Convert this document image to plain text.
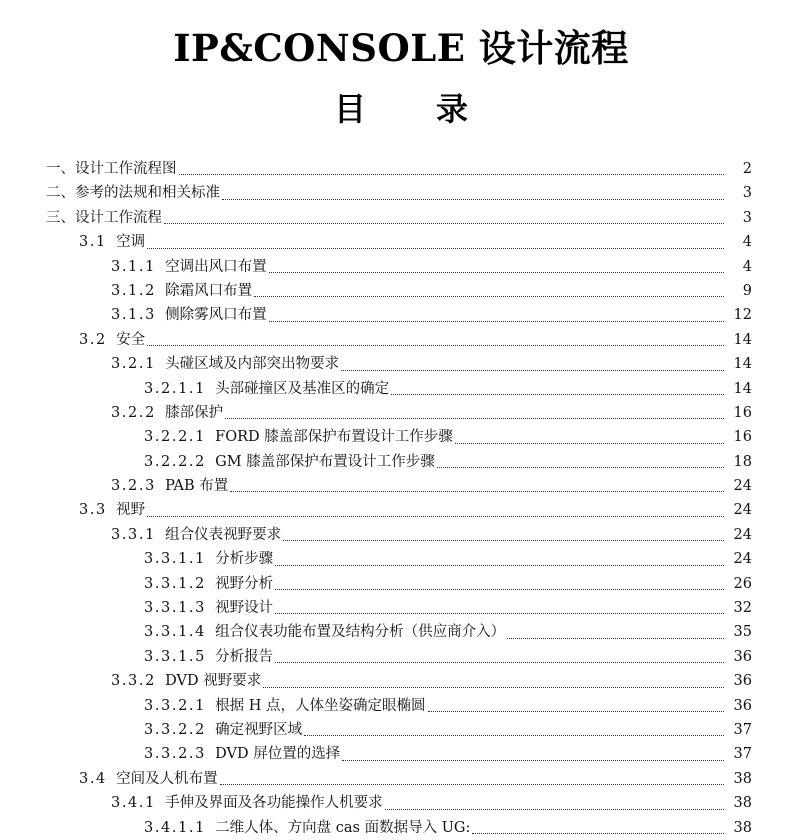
IP&CONSOLE 设计流程
目录
一、设计工作流程图	2
二、参考的法规和相关标准	3
三、设计工作流程	3
3.1 空调	4
3.1.1 空调出风口布置	4
3.1.2 除霜风口布置	9
3.1.3 侧除雾风口布置	12
3.2 安全	14
3.2.1 头碰区域及内部突出物要求	14
3.2.1.1 头部碰撞区及基准区的确定	14
3.2.2 膝部保护	16
3.2.2.1 FORD 膝盖部保护布置设计工作步骤	16
3.2.2.2 GM 膝盖部保护布置设计工作步骤	18
3.2.3 PAB 布置	24
3.3 视野	24
3.3.1 组合仪表视野要求	24
3.3.1.1 分析步骤	24
3.3.1.2 视野分析	26
3.3.1.3 视野设计	32
3.3.1.4 组合仪表功能布置及结构分析（供应商介入）	35
3.3.1.5 分析报告	36
3.3.2 DVD 视野要求	36
3.3.2.1 根据 H 点，人体坐姿确定眼椭圆	36
3.3.2.2 确定视野区域	37
3.3.2.3 DVD 屏位置的选择	37
3.4 空间及人机布置	38
3.4.1 手伸及界面及各功能操作人机要求	38
3.4.1.1 二维人体、方向盘 cas 面数据导入 UG:	38
